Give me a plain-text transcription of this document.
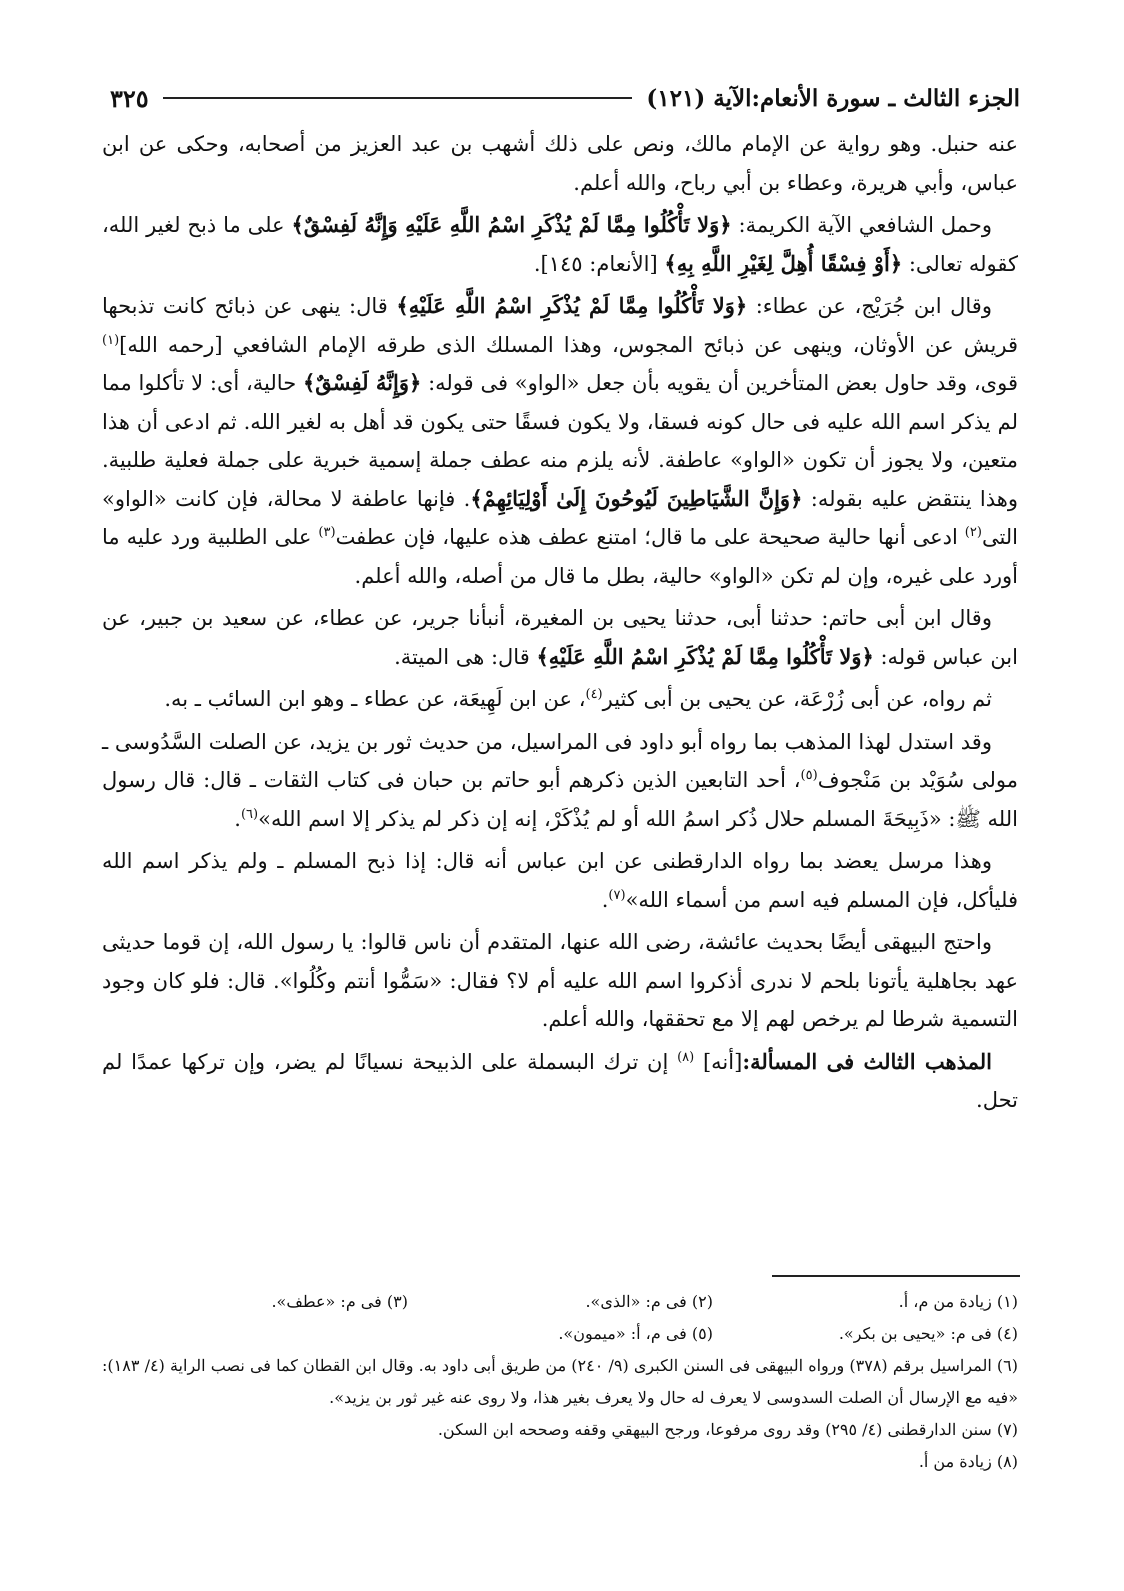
الجزء الثالث ـ سورة الأنعام:الآية (١٢١)
٣٢٥

عنه حنبل. وهو رواية عن الإمام مالك، ونص على ذلك أشهب بن عبد العزيز من أصحابه، وحكى عن ابن عباس، وأبي هريرة، وعطاء بن أبي رباح، والله أعلم.

وحمل الشافعي الآية الكريمة: ﴿وَلا تَأْكُلُوا مِمَّا لَمْ يُذْكَرِ اسْمُ اللَّهِ عَلَيْهِ وَإِنَّهُ لَفِسْقٌ﴾ على ما ذبح لغير الله، كقوله تعالى: ﴿أَوْ فِسْقًا أُهِلَّ لِغَيْرِ اللَّهِ بِهِ﴾ [الأنعام: ١٤٥].

وقال ابن جُرَيْج، عن عطاء: ﴿وَلا تَأْكُلُوا مِمَّا لَمْ يُذْكَرِ اسْمُ اللَّهِ عَلَيْهِ﴾ قال: ينهى عن ذبائح كانت تذبحها قريش عن الأوثان، وينهى عن ذبائح المجوس، وهذا المسلك الذى طرقه الإمام الشافعي [رحمه الله]$^{(١)}$ قوى، وقد حاول بعض المتأخرين أن يقويه بأن جعل «الواو» فى قوله: ﴿وَإِنَّهُ لَفِسْقٌ﴾ حالية، أى: لا تأكلوا مما لم يذكر اسم الله عليه فى حال كونه فسقا، ولا يكون فسقًا حتى يكون قد أهل به لغير الله. ثم ادعى أن هذا متعين، ولا يجوز أن تكون «الواو» عاطفة. لأنه يلزم منه عطف جملة إسمية خبرية على جملة فعلية طلبية. وهذا ينتقض عليه بقوله: ﴿وَإِنَّ الشَّيَاطِينَ لَيُوحُونَ إِلَىٰ أَوْلِيَائِهِمْ﴾. فإنها عاطفة لا محالة، فإن كانت «الواو» التى$^{(٢)}$ ادعى أنها حالية صحيحة على ما قال؛ امتنع عطف هذه عليها، فإن عطفت$^{(٣)}$ على الطلبية ورد عليه ما أورد على غيره، وإن لم تكن «الواو» حالية، بطل ما قال من أصله، والله أعلم.

وقال ابن أبى حاتم: حدثنا أبى، حدثنا يحيى بن المغيرة، أنبأنا جرير، عن عطاء، عن سعيد بن جبير، عن ابن عباس قوله: ﴿وَلا تَأْكُلُوا مِمَّا لَمْ يُذْكَرِ اسْمُ اللَّهِ عَلَيْهِ﴾ قال: هى الميتة.

ثم رواه، عن أبى زُرْعَة، عن يحيى بن أبى كثير$^{(٤)}$، عن ابن لَهِيعَة، عن عطاء ـ وهو ابن السائب ـ به.

وقد استدل لهذا المذهب بما رواه أبو داود فى المراسيل، من حديث ثور بن يزيد، عن الصلت السَّدُوسى ـ مولى سُوَيْد بن مَنْجوف$^{(٥)}$، أحد التابعين الذين ذكرهم أبو حاتم بن حبان فى كتاب الثقات ـ قال: قال رسول الله ﷺ: «ذَبِيحَةَ المسلم حلال ذُكر اسمُ الله أو لم يُذْكَرْ، إنه إن ذكر لم يذكر إلا اسم الله»$^{(٦)}$.

وهذا مرسل يعضد بما رواه الدارقطنى عن ابن عباس أنه قال: إذا ذبح المسلم ـ ولم يذكر اسم الله فليأكل، فإن المسلم فيه اسم من أسماء الله»$^{(٧)}$.

واحتج البيهقى أيضًا بحديث عائشة، رضى الله عنها، المتقدم أن ناس قالوا: يا رسول الله، إن قوما حديثى عهد بجاهلية يأتونا بلحم لا ندرى أذكروا اسم الله عليه أم لا؟ فقال: «سَمُّوا أنتم وكُلُوا». قال: فلو كان وجود التسمية شرطا لم يرخص لهم إلا مع تحققها، والله أعلم.

المذهب الثالث فى المسألة:[أنه] $^{(٨)}$ إن ترك البسملة على الذبيحة نسيانًا لم يضر، وإن تركها عمدًا لم تحل.

(١) زيادة من م، أ.
(٢) فى م: «الذى».
(٣) فى م: «عطف».
(٤) فى م: «يحيى بن بكر».
(٥) فى م، أ: «ميمون».

(٦) المراسيل برقم (٣٧٨) ورواه البيهقى فى السنن الكبرى (٩/ ٢٤٠) من طريق أبى داود به. وقال ابن القطان كما فى نصب الراية (٤/ ١٨٣): «فيه مع الإرسال أن الصلت السدوسى لا يعرف له حال ولا يعرف بغير هذا، ولا روى عنه غير ثور بن يزيد».

(٧) سنن الدارقطنى (٤/ ٢٩٥) وقد روى مرفوعا، ورجح البيهقي وقفه وصححه ابن السكن.

(٨) زيادة من أ.
